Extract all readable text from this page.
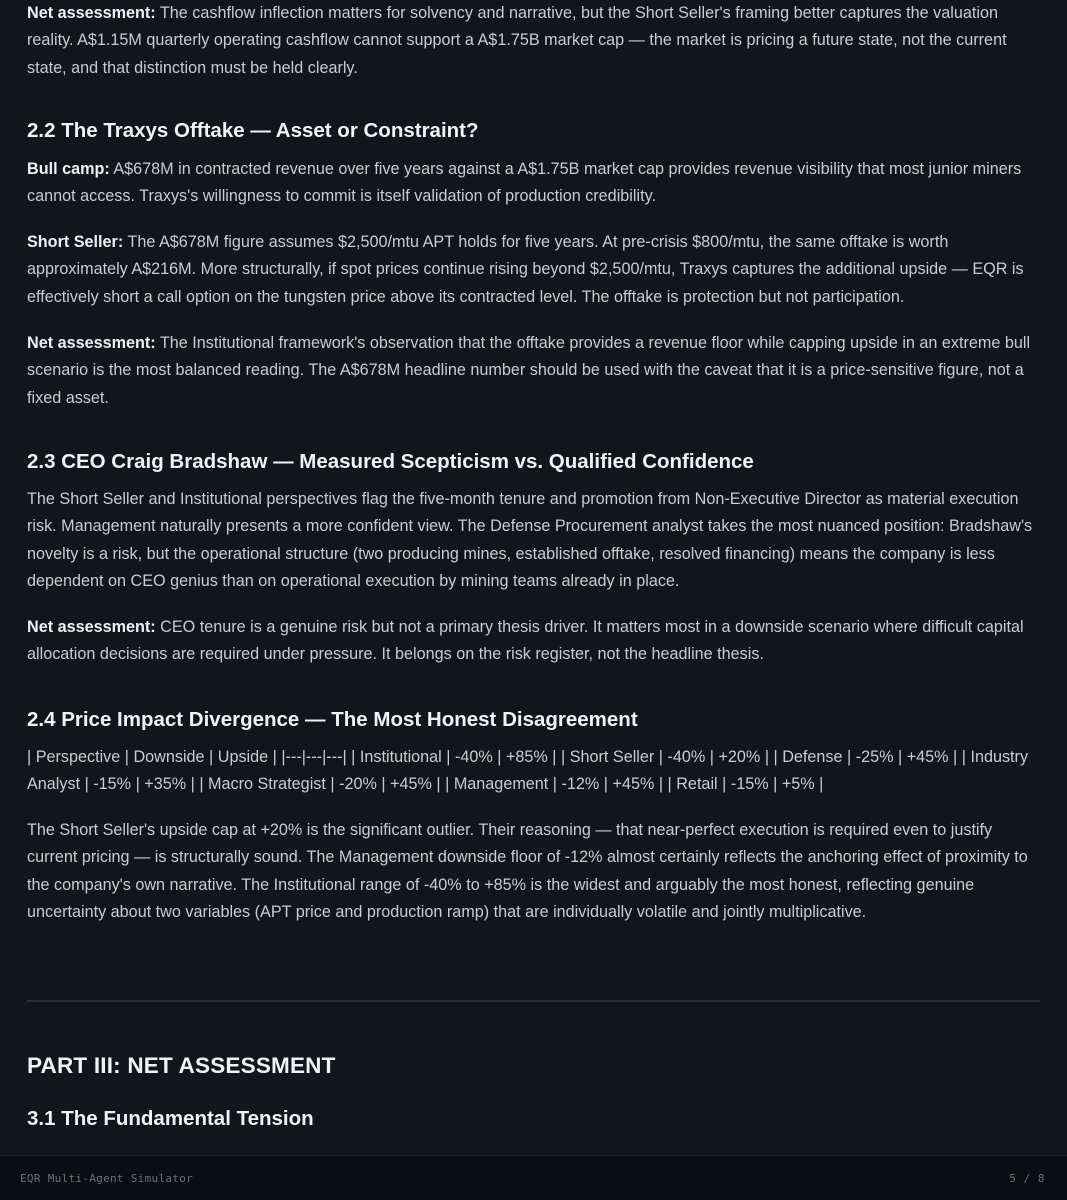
Net assessment: The cashflow inflection matters for solvency and narrative, but the Short Seller's framing better captures the valuation reality. A$1.15M quarterly operating cashflow cannot support a A$1.75B market cap — the market is pricing a future state, not the current state, and that distinction must be held clearly.

2.2 The Traxys Offtake — Asset or Constraint?

Bull camp: A$678M in contracted revenue over five years against a A$1.75B market cap provides revenue visibility that most junior miners cannot access. Traxys's willingness to commit is itself validation of production credibility.

Short Seller: The A$678M figure assumes $2,500/mtu APT holds for five years. At pre-crisis $800/mtu, the same offtake is worth approximately A$216M. More structurally, if spot prices continue rising beyond $2,500/mtu, Traxys captures the additional upside — EQR is effectively short a call option on the tungsten price above its contracted level. The offtake is protection but not participation.

Net assessment: The Institutional framework's observation that the offtake provides a revenue floor while capping upside in an extreme bull scenario is the most balanced reading. The A$678M headline number should be used with the caveat that it is a price-sensitive figure, not a fixed asset.

2.3 CEO Craig Bradshaw — Measured Scepticism vs. Qualified Confidence

The Short Seller and Institutional perspectives flag the five-month tenure and promotion from Non-Executive Director as material execution risk. Management naturally presents a more confident view. The Defense Procurement analyst takes the most nuanced position: Bradshaw's novelty is a risk, but the operational structure (two producing mines, established offtake, resolved financing) means the company is less dependent on CEO genius than on operational execution by mining teams already in place.

Net assessment: CEO tenure is a genuine risk but not a primary thesis driver. It matters most in a downside scenario where difficult capital allocation decisions are required under pressure. It belongs on the risk register, not the headline thesis.

2.4 Price Impact Divergence — The Most Honest Disagreement

| Perspective | Downside | Upside | |---|---|---| | Institutional | -40% | +85% | | Short Seller | -40% | +20% | | Defense | -25% | +45% | | Industry Analyst | -15% | +35% | | Macro Strategist | -20% | +45% | | Management | -12% | +45% | | Retail | -15% | +5% |

The Short Seller's upside cap at +20% is the significant outlier. Their reasoning — that near-perfect execution is required even to justify current pricing — is structurally sound. The Management downside floor of -12% almost certainly reflects the anchoring effect of proximity to the company's own narrative. The Institutional range of -40% to +85% is the widest and arguably the most honest, reflecting genuine uncertainty about two variables (APT price and production ramp) that are individually volatile and jointly multiplicative.

PART III: NET ASSESSMENT
3.1 The Fundamental Tension
EQR Multi-Agent Simulator	5 / 8
